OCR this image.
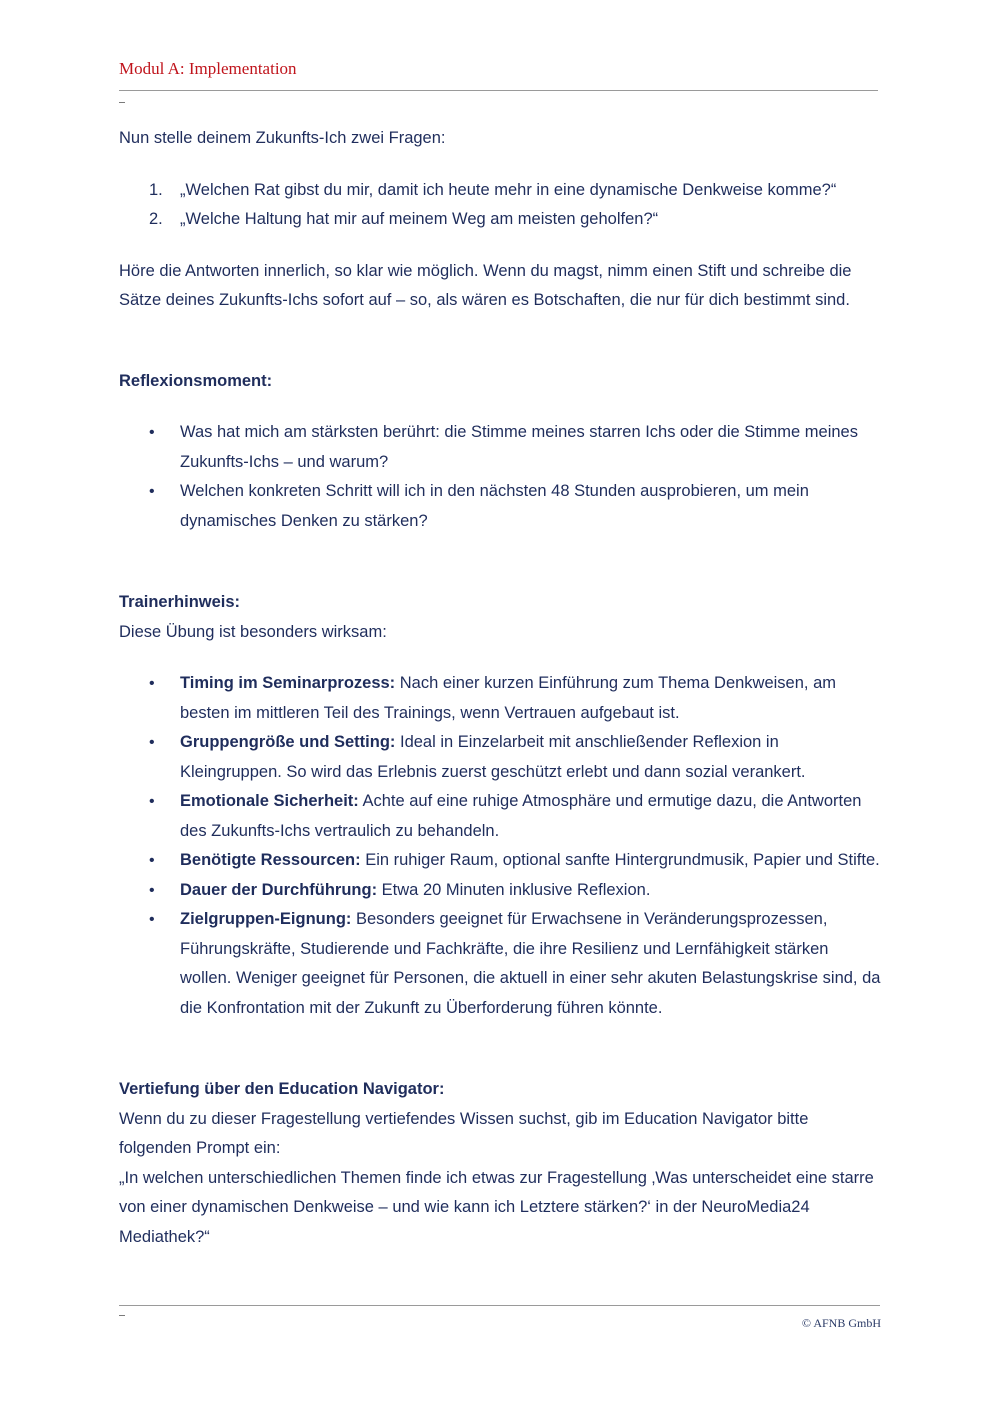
Modul A: Implementation

Nun stelle deinem Zukunfts-Ich zwei Fragen:

1. „Welchen Rat gibst du mir, damit ich heute mehr in eine dynamische Denkweise komme?“
2. „Welche Haltung hat mir auf meinem Weg am meisten geholfen?“

Höre die Antworten innerlich, so klar wie möglich. Wenn du magst, nimm einen Stift und schreibe die Sätze deines Zukunfts-Ichs sofort auf – so, als wären es Botschaften, die nur für dich bestimmt sind.

Reflexionsmoment:

• Was hat mich am stärksten berührt: die Stimme meines starren Ichs oder die Stimme meines Zukunfts-Ichs – und warum?
• Welchen konkreten Schritt will ich in den nächsten 48 Stunden ausprobieren, um mein dynamisches Denken zu stärken?

Trainerhinweis:

Diese Übung ist besonders wirksam:

• Timing im Seminarprozess: Nach einer kurzen Einführung zum Thema Denkweisen, am besten im mittleren Teil des Trainings, wenn Vertrauen aufgebaut ist.
• Gruppengröße und Setting: Ideal in Einzelarbeit mit anschließender Reflexion in Kleingruppen. So wird das Erlebnis zuerst geschützt erlebt und dann sozial verankert.
• Emotionale Sicherheit: Achte auf eine ruhige Atmosphäre und ermutige dazu, die Antworten des Zukunfts-Ichs vertraulich zu behandeln.
• Benötigte Ressourcen: Ein ruhiger Raum, optional sanfte Hintergrundmusik, Papier und Stifte.
• Dauer der Durchführung: Etwa 20 Minuten inklusive Reflexion.
• Zielgruppen-Eignung: Besonders geeignet für Erwachsene in Veränderungsprozessen, Führungskräfte, Studierende und Fachkräfte, die ihre Resilienz und Lernfähigkeit stärken wollen. Weniger geeignet für Personen, die aktuell in einer sehr akuten Belastungskrise sind, da die Konfrontation mit der Zukunft zu Überforderung führen könnte.

Vertiefung über den Education Navigator:

Wenn du zu dieser Fragestellung vertiefendes Wissen suchst, gib im Education Navigator bitte folgenden Prompt ein:

„In welchen unterschiedlichen Themen finde ich etwas zur Fragestellung ‚Was unterscheidet eine starre von einer dynamischen Denkweise – und wie kann ich Letztere stärken?‘ in der NeuroMedia24 Mediathek?“

© AFNB GmbH
